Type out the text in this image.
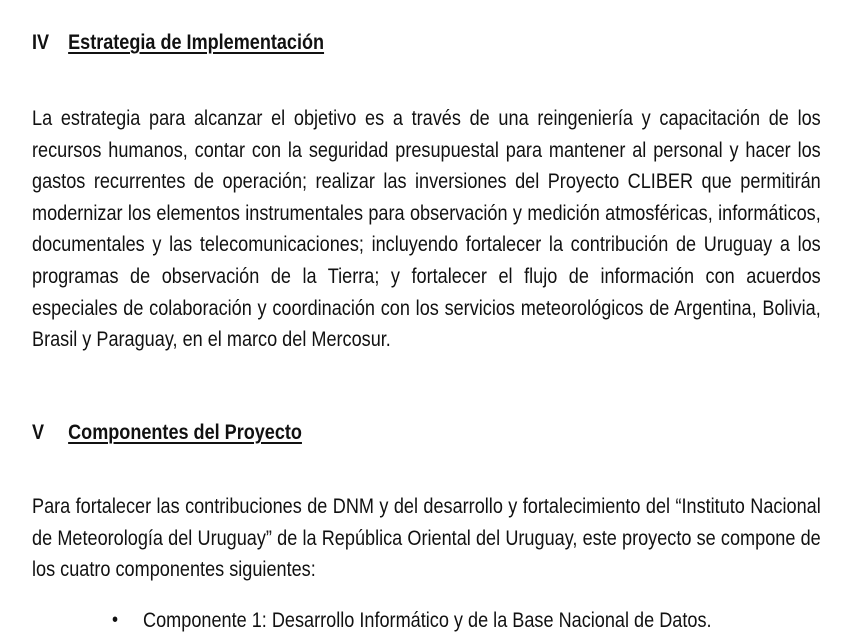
IV Estrategia de Implementación
La estrategia para alcanzar el objetivo es a través de una reingeniería y capacitación de los recursos humanos, contar con la seguridad presupuestal para mantener al personal y hacer los gastos recurrentes de operación; realizar las inversiones del Proyecto CLIBER que permitirán modernizar los elementos instrumentales para observación y medición atmosféricas, informáticos, documentales y las telecomunicaciones; incluyendo fortalecer la contribución de Uruguay a los programas de observación de la Tierra; y fortalecer el flujo de información con acuerdos especiales de colaboración y coordinación con los servicios meteorológicos de Argentina, Bolivia, Brasil y Paraguay, en el marco del Mercosur.
V Componentes del Proyecto
Para fortalecer las contribuciones de DNM y del desarrollo y fortalecimiento del “Instituto Nacional de Meteorología del Uruguay” de la República Oriental del Uruguay, este proyecto se compone de los cuatro componentes siguientes:
• Componente 1: Desarrollo Informático y de la Base Nacional de Datos.
